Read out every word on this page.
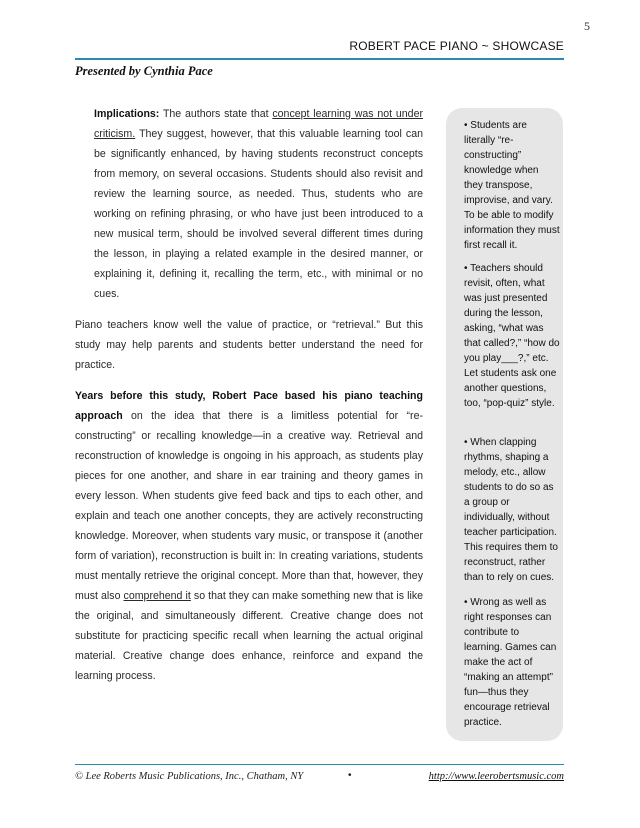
5
ROBERT PACE PIANO ~ SHOWCASE
Presented by Cynthia Pace
Implications: The authors state that concept learning was not under criticism. They suggest, however, that this valuable learning tool can be significantly enhanced, by having students reconstruct concepts from memory, on several occasions. Students should also revisit and review the learning source, as needed. Thus, students who are working on refining phrasing, or who have just been introduced to a new musical term, should be involved several different times during the lesson, in playing a related example in the desired manner, or explaining it, defining it, recalling the term, etc., with minimal or no cues.
Piano teachers know well the value of practice, or “retrieval.” But this study may help parents and students better understand the need for practice.
Years before this study, Robert Pace based his piano teaching approach on the idea that there is a limitless potential for “re-constructing” or recalling knowledge—in a creative way. Retrieval and reconstruction of knowledge is ongoing in his approach, as students play pieces for one another, and share in ear training and theory games in every lesson. When students give feed back and tips to each other, and explain and teach one another concepts, they are actively reconstructing knowledge. Moreover, when students vary music, or transpose it (another form of variation), reconstruction is built in: In creating variations, students must mentally retrieve the original concept. More than that, however, they must also comprehend it so that they can make something new that is like the original, and simultaneously different. Creative change does not substitute for practicing specific recall when learning the actual original material. Creative change does enhance, reinforce and expand the learning process.
• Students are literally “re-constructing” knowledge when they transpose, improvise, and vary. To be able to modify information they must first recall it.
• Teachers should revisit, often, what was just presented during the lesson, asking, “what was that called?,” “how do you play___?,” etc. Let students ask one another questions, too, “pop-quiz” style.
• When clapping rhythms, shaping a melody, etc., allow students to do so as a group or individually, without teacher participation. This requires them to reconstruct, rather than to rely on cues.
• Wrong as well as right responses can contribute to learning. Games can make the act of “making an attempt” fun—thus they encourage retrieval practice.
© Lee Roberts Music Publications, Inc., Chatham, NY	•	http://www.leerobertsmusic.com
